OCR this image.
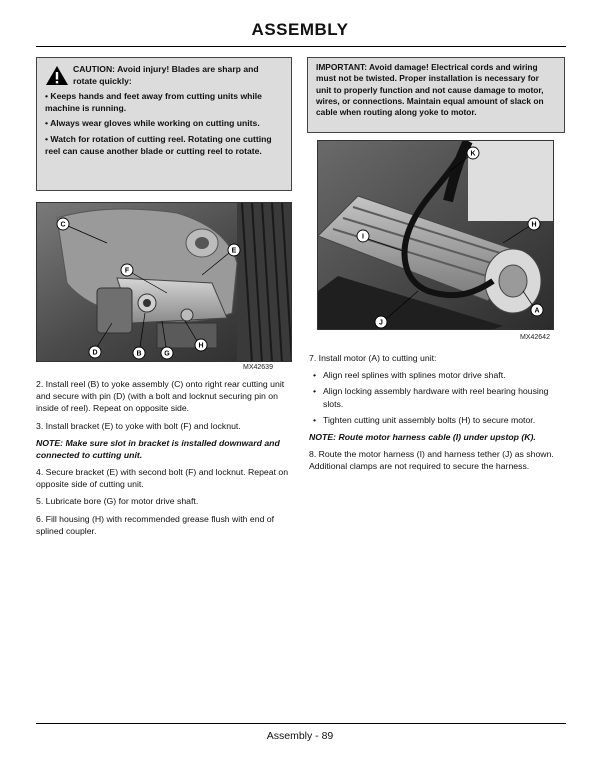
ASSEMBLY
CAUTION: Avoid injury! Blades are sharp and rotate quickly:

• Keeps hands and feet away from cutting units while machine is running.

• Always wear gloves while working on cutting units.

• Watch for rotation of cutting reel. Rotating one cutting reel can cause another blade or cutting reel to rotate.

IMPORTANT: Avoid damage! Electrical cords and wiring must not be twisted. Proper installation is necessary for unit to properly function and not cause damage to motor, wires, or connections. Maintain equal amount of slack on cable when routing along yoke to motor.
C
E
F
D	B	G
H
MX42639
K
H
I
A
J
MX42642

2. Install reel (B) to yoke assembly (C) onto right rear cutting unit and secure with pin (D) (with a bolt and locknut securing pin on inside of reel). Repeat on opposite side.

3. Install bracket (E) to yoke with bolt (F) and locknut.

NOTE: Make sure slot in bracket is installed downward and connected to cutting unit.

4. Secure bracket (E) with second bolt (F) and locknut. Repeat on opposite side of cutting unit.

5. Lubricate bore (G) for motor drive shaft.

6. Fill housing (H) with recommended grease flush with end of splined coupler.

7. Install motor (A) to cutting unit:

• Align reel splines with splines motor drive shaft.
• Align locking assembly hardware with reel bearing housing slots.
• Tighten cutting unit assembly bolts (H) to secure motor.

NOTE: Route motor harness cable (I) under upstop (K).

8. Route the motor harness (I) and harness tether (J) as shown. Additional clamps are not required to secure the harness.

Assembly - 89
